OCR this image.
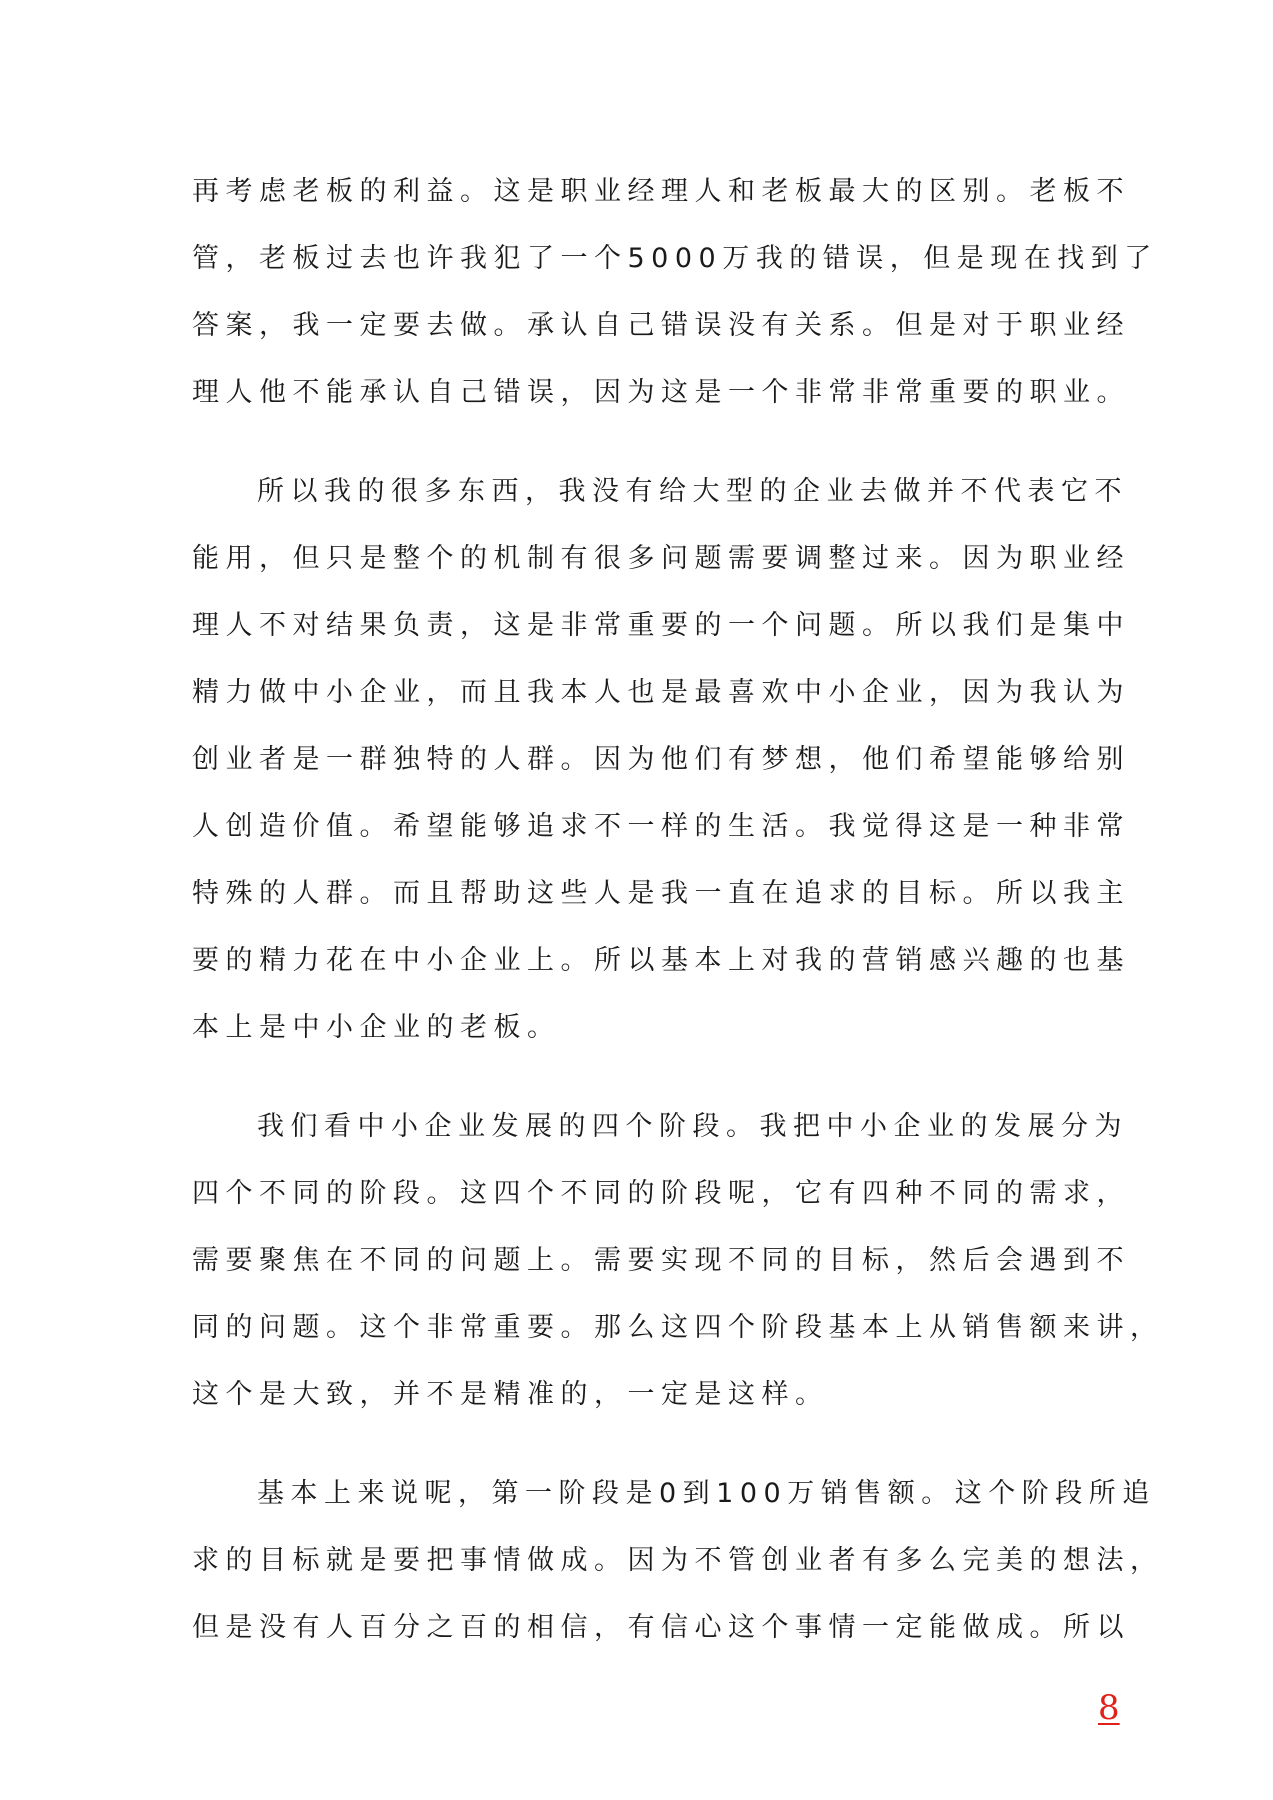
再考虑老板的利益。这是职业经理人和老板最大的区别。老板不
管，老板过去也许我犯了一个5000万我的错误，但是现在找到了
答案，我一定要去做。承认自己错误没有关系。但是对于职业经
理人他不能承认自己错误，因为这是一个非常非常重要的职业。
所以我的很多东西，我没有给大型的企业去做并不代表它不
能用，但只是整个的机制有很多问题需要调整过来。因为职业经
理人不对结果负责，这是非常重要的一个问题。所以我们是集中
精力做中小企业，而且我本人也是最喜欢中小企业，因为我认为
创业者是一群独特的人群。因为他们有梦想，他们希望能够给别
人创造价值。希望能够追求不一样的生活。我觉得这是一种非常
特殊的人群。而且帮助这些人是我一直在追求的目标。所以我主
要的精力花在中小企业上。所以基本上对我的营销感兴趣的也基
本上是中小企业的老板。
我们看中小企业发展的四个阶段。我把中小企业的发展分为
四个不同的阶段。这四个不同的阶段呢，它有四种不同的需求，
需要聚焦在不同的问题上。需要实现不同的目标，然后会遇到不
同的问题。这个非常重要。那么这四个阶段基本上从销售额来讲，
这个是大致，并不是精准的，一定是这样。
基本上来说呢，第一阶段是0到100万销售额。这个阶段所追
求的目标就是要把事情做成。因为不管创业者有多么完美的想法，
但是没有人百分之百的相信，有信心这个事情一定能做成。所以
8
